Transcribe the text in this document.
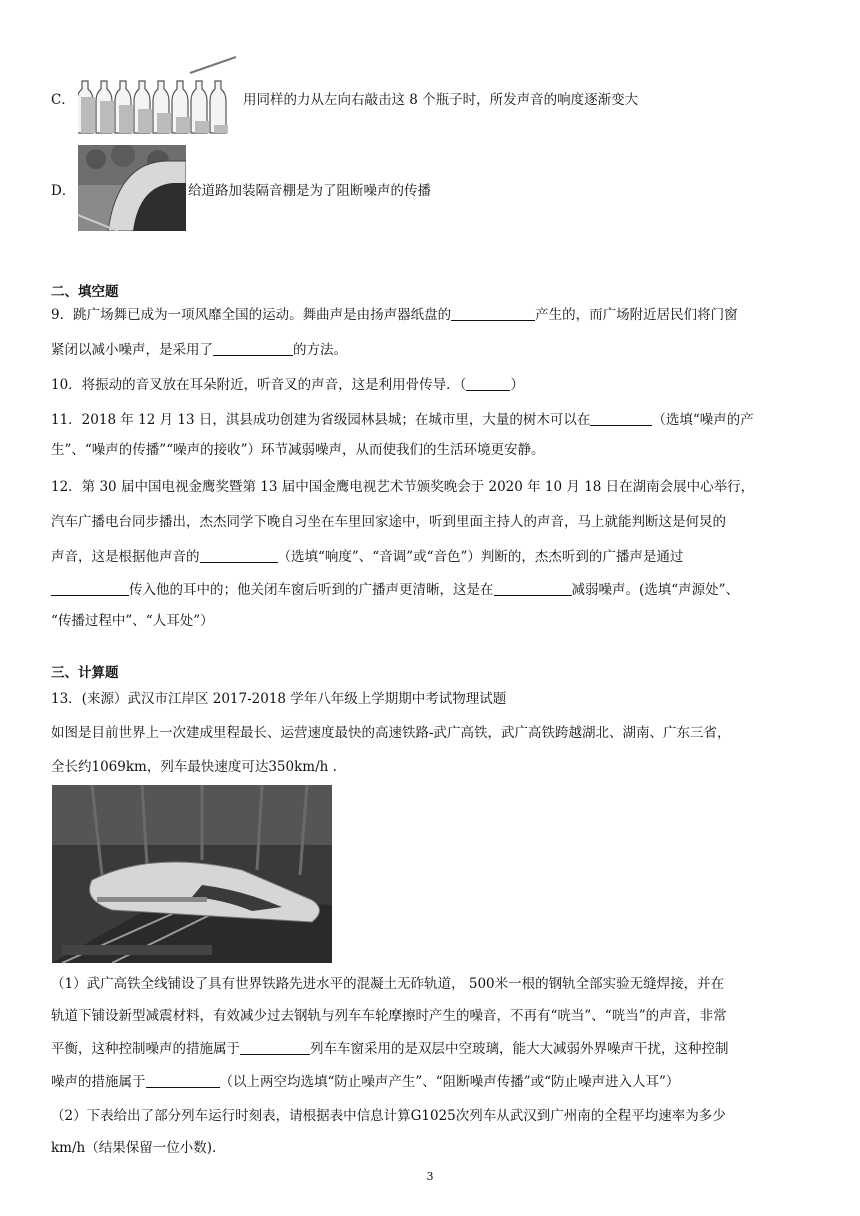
C．	用同样的力从左向右敲击这 8 个瓶子时，所发声音的响度逐渐变大
D．	给道路加装隔音棚是为了阻断噪声的传播
二、填空题
9．跳广场舞已成为一项风靡全国的运动。舞曲声是由扬声器纸盘的	产生的，而广场附近居民们将门窗
紧闭以减小噪声，是采用了	的方法。
10．将振动的音叉放在耳朵附近，听音叉的声音，这是利用骨传导．（	）
11．2018 年 12 月 13 日，淇县成功创建为省级园林县城；在城市里，大量的树木可以在	（选填“噪声的产
生”、“噪声的传播”“噪声的接收”）环节减弱噪声，从而使我们的生活环境更安静。
12．第 30 届中国电视金鹰奖暨第 13 届中国金鹰电视艺术节颁奖晚会于 2020 年 10 月 18 日在湖南会展中心举行，
汽车广播电台同步播出，杰杰同学下晚自习坐在车里回家途中，听到里面主持人的声音，马上就能判断这是何炅的
声音，这是根据他声音的	（选填“响度”、“音调”或“音色”）判断的，杰杰听到的广播声是通过
传入他的耳中的；他关闭车窗后听到的广播声更清晰，这是在	减弱噪声。(选填“声源处”、
“传播过程中”、“人耳处”）
三、计算题
13．(来源）武汉市江岸区 2017-2018 学年八年级上学期期中考试物理试题
如图是目前世界上一次建成里程最长、运营速度最快的高速铁路-武广高铁，武广高铁跨越湖北、湖南、广东三省，
全长约1069km，列车最快速度可达350km/h .
（1）武广高铁全线铺设了具有世界铁路先进水平的混凝土无砟轨道， 500米一根的钢轨全部实验无缝焊接，并在
轨道下铺设新型减震材料，有效减少过去钢轨与列车车轮摩擦时产生的噪音，不再有“咣当”、“咣当”的声音，非常
平衡，这种控制噪声的措施属于	列车车窗采用的是双层中空玻璃，能大大减弱外界噪声干扰，这种控制
噪声的措施属于	（以上两空均选填“防止噪声产生”、“阻断噪声传播”或“防止噪声进入人耳”）
（2）下表给出了部分列车运行时刻表，请根据表中信息计算G1025次列车从武汉到广州南的全程平均速率为多少
km/h（结果保留一位小数).
3
